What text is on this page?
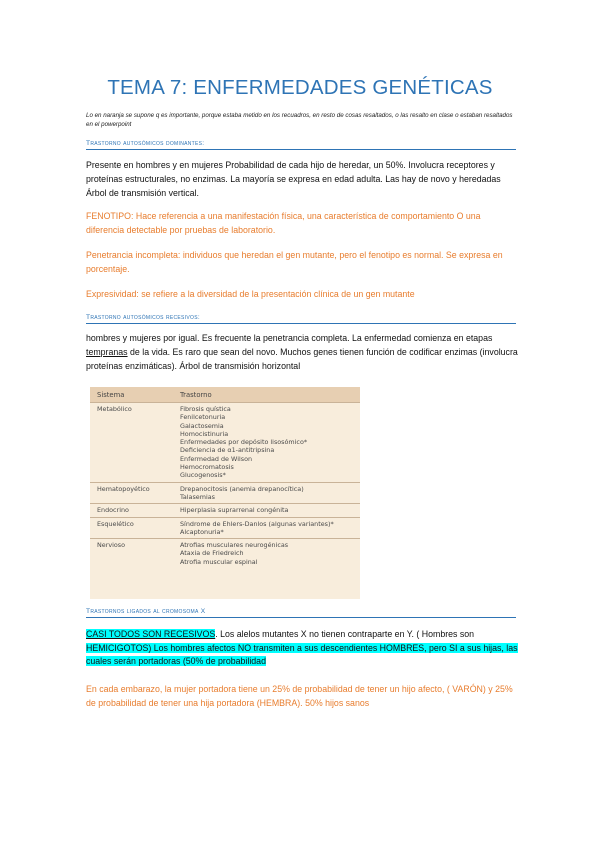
TEMA 7: ENFERMEDADES GENÉTICAS
Lo en naranja se supone q es importante, porque estaba metido en los recuadros, en resto de cosas resaltados, o las resalto en clase o estaban resaltados en el powerpoint
Trastorno autosómicos dominantes:
Presente en hombres y en mujeres Probabilidad de cada hijo de heredar, un 50%. Involucra receptores y proteínas estructurales, no enzimas. La mayoría se expresa en edad adulta. Las hay de novo y heredadas Árbol de transmisión vertical.
FENOTIPO: Hace referencia a una manifestación física, una característica de comportamiento O una diferencia detectable por pruebas de laboratorio.
Penetrancia incompleta: individuos que heredan el gen mutante, pero el fenotipo es normal. Se expresa en porcentaje.
Expresividad: se refiere a la diversidad de la presentación clínica de un gen mutante
Trastorno autosómicos recesivos:
hombres y mujeres por igual. Es frecuente la penetrancia completa. La enfermedad comienza en etapas tempranas de la vida. Es raro que sean del novo. Muchos genes tienen función de codificar enzimas (involucra proteínas enzimáticas). Árbol de transmisión horizontal
Sistema	Trastorno
Metabólico	Fibrosis quística
Fenilcetonuria
Galactosemia
Homocistinuria
Enfermedades por depósito lisosómico*
Deficiencia de α1-antitripsina
Enfermedad de Wilson
Hemocromatosis
Glucogenosis*
Hematopoyético	Drepanocitosis (anemia drepanocítica)
Talasemias
Endocrino	Hiperplasia suprarrenal congénita
Esquelético	Síndrome de Ehlers-Danlos (algunas variantes)*
Alcaptonuria*
Nervioso	Atrofias musculares neurogénicas
Ataxia de Friedreich
Atrofia muscular espinal
Trastornos ligados al cromosoma X
CASI TODOS SON RECESIVOS. Los alelos mutantes X no tienen contraparte en Y. ( Hombres son HEMICIGOTOS) Los hombres afectos NO transmiten a sus descendientes HOMBRES, pero SI a sus hijas, las cuales serán portadoras (50% de probabilidad
En cada embarazo, la mujer portadora tiene un 25% de probabilidad de tener un hijo afecto, ( VARÓN) y 25% de probabilidad de tener una hija portadora (HEMBRA). 50% hijos sanos
